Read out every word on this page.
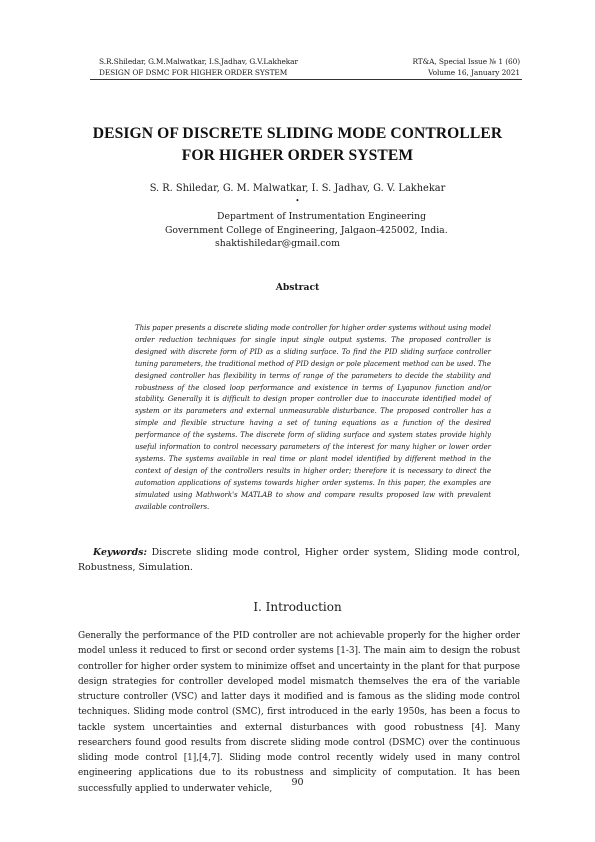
S.R.Shiledar, G.M.Malwatkar, I.S.Jadhav, G.V.Lakhekar
DESIGN OF DSMC FOR HIGHER ORDER SYSTEM
RT&A, Special Issue № 1 (60)
Volume 16, January 2021
DESIGN OF DISCRETE SLIDING MODE CONTROLLER
FOR HIGHER ORDER SYSTEM
S. R. Shiledar, G. M. Malwatkar, I. S. Jadhav, G. V. Lakhekar
•
Department of Instrumentation Engineering
Government College of Engineering, Jalgaon-425002, India.
shaktishiledar@gmail.com
Abstract
This paper presents a discrete sliding mode controller for higher order systems without using model order reduction techniques for single input single output systems. The proposed controller is designed with discrete form of PID as a sliding surface. To find the PID sliding surface controller tuning parameters, the traditional method of PID design or pole placement method can be used. The designed controller has flexibility in terms of range of the parameters to decide the stability and robustness of the closed loop performance and existence in terms of Lyapunov function and/or stability. Generally it is difficult to design proper controller due to inaccurate identified model of system or its parameters and external unmeasurable disturbance. The proposed controller has a simple and flexible structure having a set of tuning equations as a function of the desired performance of the systems. The discrete form of sliding surface and system states provide highly useful information to control necessary parameters of the interest for many higher or lower order systems. The systems available in real time or plant model identified by different method in the context of design of the controllers results in higher order; therefore it is necessary to direct the automation applications of systems towards higher order systems. In this paper, the examples are simulated using Mathwork's MATLAB to show and compare results proposed law with prevalent available controllers.
Keywords: Discrete sliding mode control, Higher order system, Sliding mode control, Robustness, Simulation.
I. Introduction
Generally the performance of the PID controller are not achievable properly for the higher order model unless it reduced to first or second order systems [1-3]. The main aim to design the robust controller for higher order system to minimize offset and uncertainty in the plant for that purpose design strategies for controller developed model mismatch themselves the era of the variable structure controller (VSC) and latter days it modified and is famous as the sliding mode control techniques. Sliding mode control (SMC), first introduced in the early 1950s, has been a focus to tackle system uncertainties and external disturbances with good robustness [4]. Many researchers found good results from discrete sliding mode control (DSMC) over the continuous sliding mode control [1],[4,7]. Sliding mode control recently widely used in many control engineering applications due to its robustness and simplicity of computation. It has been successfully applied to underwater vehicle,
90
